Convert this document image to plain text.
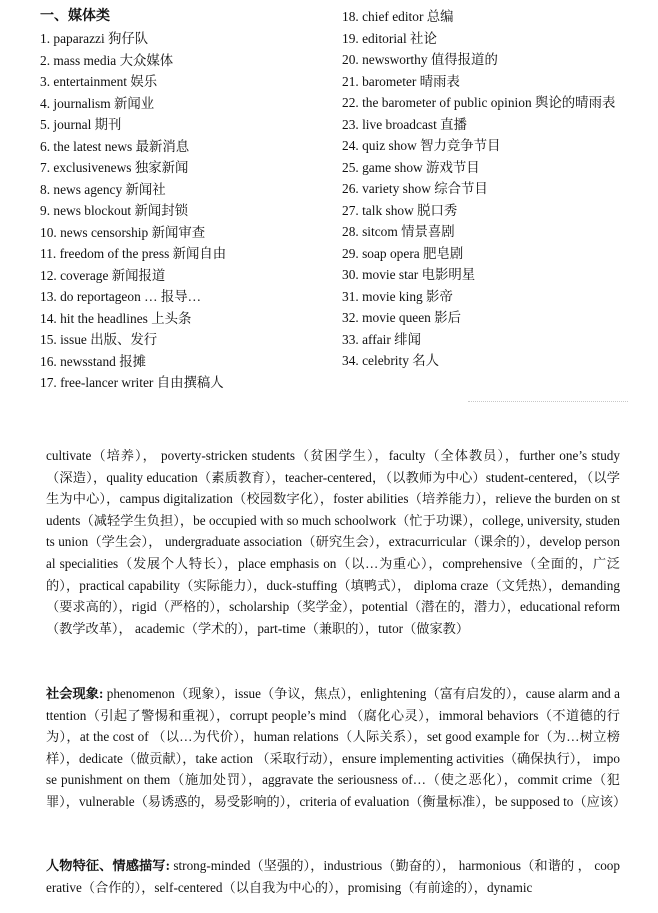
一、媒体类
1. paparazzi 狗仔队
2. mass media 大众媒体
3. entertainment 娱乐
4. journalism 新闻业
5. journal 期刊
6. the latest news 最新消息
7. exclusivenews 独家新闻
8. news agency 新闻社
9. news blockout 新闻封锁
10. news censorship 新闻审查
11. freedom of the press 新闻自由
12. coverage 新闻报道
13. do reportageon … 报导…
14. hit the headlines 上头条
15. issue 出版、发行
16. newsstand 报摊
17. free-lancer writer 自由撰稿人
18. chief editor 总编
19. editorial 社论
20. newsworthy 值得报道的
21. barometer 晴雨表
22. the barometer of public opinion 舆论的晴雨表
23. live broadcast 直播
24. quiz show 智力竞争节目
25. game show 游戏节目
26. variety show 综合节目
27. talk show 脱口秀
28. sitcom 情景喜剧
29. soap opera 肥皂剧
30. movie star 电影明星
31. movie king 影帝
32. movie queen 影后
33. affair 绯闻
34. celebrity 名人

cultivate（培养）， poverty-stricken students（贫困学生），faculty（全体教员），further one’s study （深造），quality education（素质教育），teacher-centered，（以教师为中心）student-centered，（以学生为中心），campus digitalization（校园数字化），foster abilities（培养能力），relieve the burden on students（减轻学生负担），be occupied with so much schoolwork（忙于功课），college, university, students union（学生会）， undergraduate association（研究生会），extracurricular（课余的），develop personal specialities（发展个人特长），place emphasis on（以…为重心），comprehensive（全面的，广泛的），practical capability（实际能力），duck-stuffing（填鸭式）， diploma craze（文凭热），demanding（要求高的），rigid（严格的），scholarship（奖学金），potential（潜在的，潜力），educational reform（教学改革）， academic（学术的），part-time（兼职的），tutor（做家教）

社会现象: phenomenon（现象），issue（争议，焦点），enlightening（富有启发的），cause alarm and attention（引起了警惕和重视），corrupt people’s mind （腐化心灵），immoral behaviors（不道德的行为），at the cost of （以…为代价），human relations（人际关系），set good example for（为…树立榜样），dedicate（做贡献），take action （采取行动），ensure implementing activities（确保执行）， impose punishment on them（施加处罚），aggravate the seriousness of…（使之恶化），commit crime（犯罪），vulnerable（易诱惑的，易受影响的），criteria of evaluation（衡量标准），be supposed to（应该）

人物特征、情感描写: strong-minded（坚强的），industrious（勤奋的）， harmonious（和谐的 ， cooperative（合作的），self-centered（以自我为中心的），promising（有前途的），dynamic
